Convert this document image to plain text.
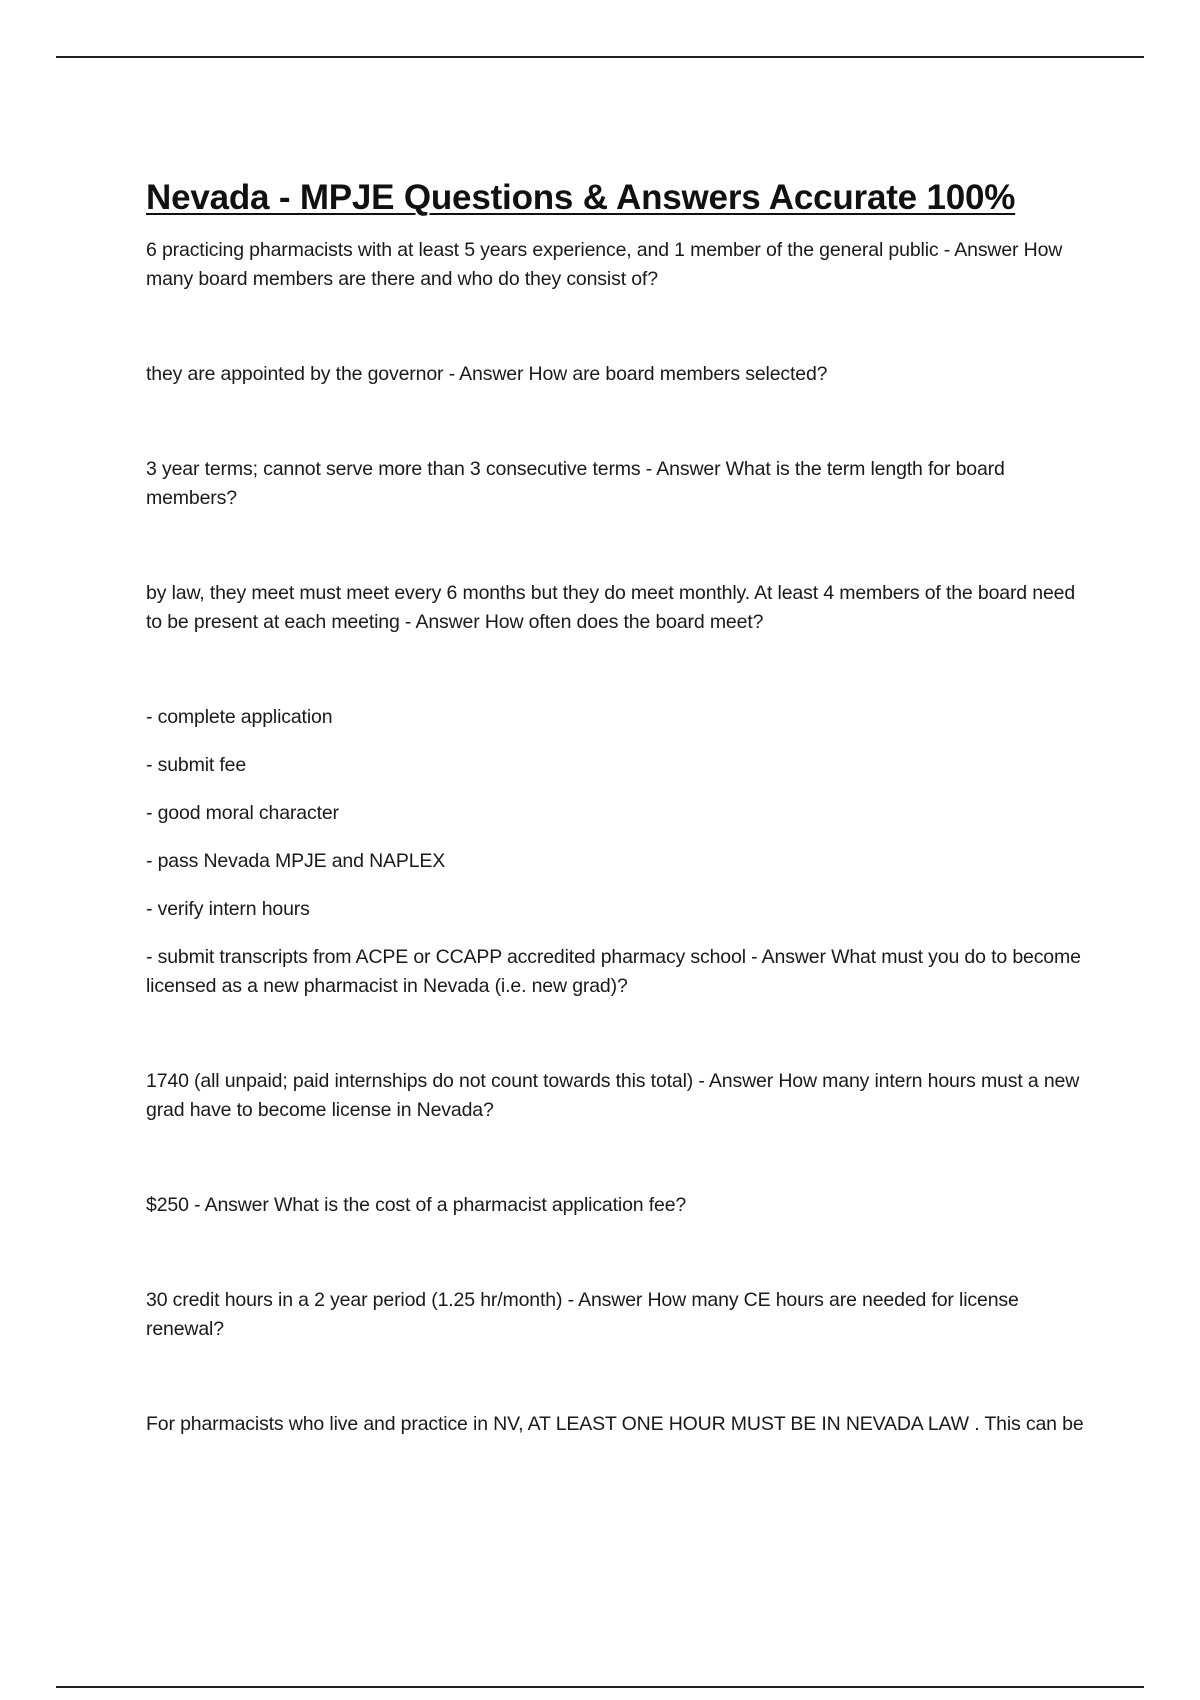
Nevada - MPJE Questions & Answers Accurate 100%

6 practicing pharmacists with at least 5 years experience, and 1 member of the general public - Answer How many board members are there and who do they consist of?

they are appointed by the governor - Answer How are board members selected?

3 year terms; cannot serve more than 3 consecutive terms - Answer What is the term length for board members?

by law, they meet must meet every 6 months but they do meet monthly. At least 4 members of the board need to be present at each meeting - Answer How often does the board meet?

- complete application
- submit fee
- good moral character
- pass Nevada MPJE and NAPLEX
- verify intern hours
- submit transcripts from ACPE or CCAPP accredited pharmacy school - Answer What must you do to become licensed as a new pharmacist in Nevada (i.e. new grad)?

1740 (all unpaid; paid internships do not count towards this total) - Answer How many intern hours must a new grad have to become license in Nevada?

$250 - Answer What is the cost of a pharmacist application fee?

30 credit hours in a 2 year period (1.25 hr/month) - Answer How many CE hours are needed for license renewal?

For pharmacists who live and practice in NV, AT LEAST ONE HOUR MUST BE IN NEVADA LAW . This can be
